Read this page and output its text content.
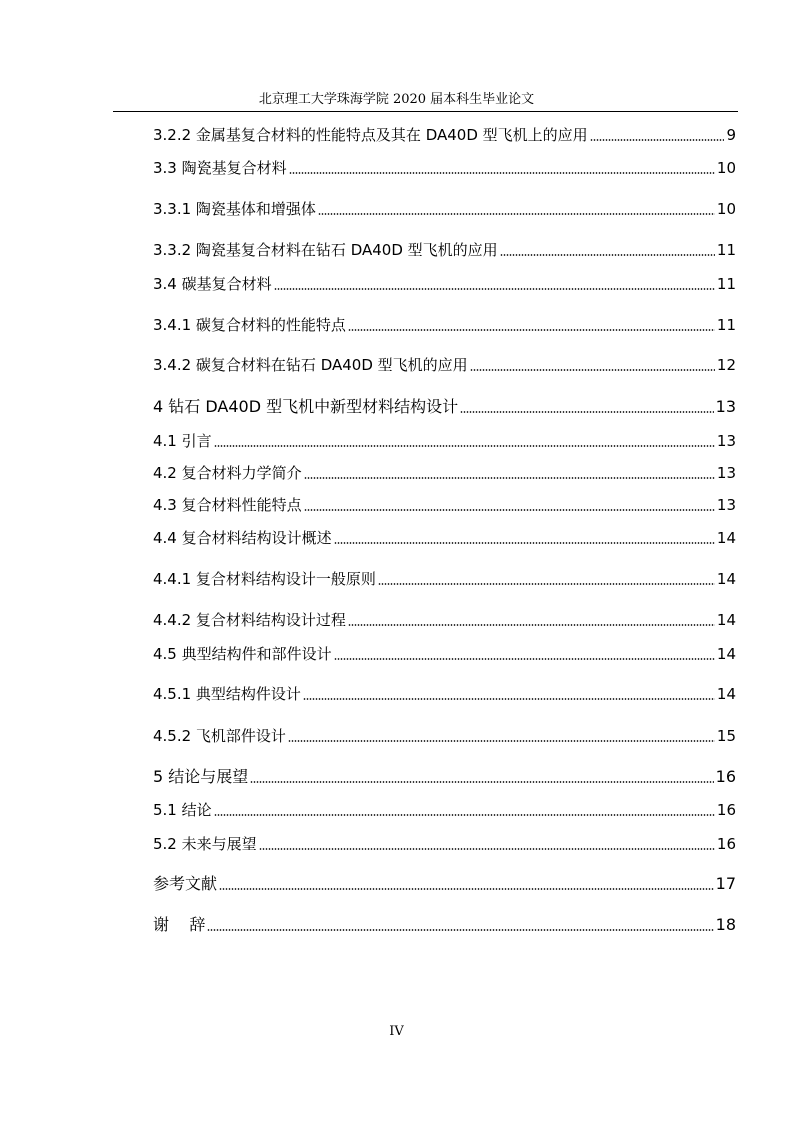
北京理工大学珠海学院 2020 届本科生毕业论文
3.2.2 金属基复合材料的性能特点及其在 DA40D 型飞机上的应用	9
3.3 陶瓷基复合材料	10
3.3.1 陶瓷基体和增强体	10
3.3.2 陶瓷基复合材料在钻石 DA40D 型飞机的应用	11
3.4 碳基复合材料	11
3.4.1 碳复合材料的性能特点	11
3.4.2 碳复合材料在钻石 DA40D 型飞机的应用	12
4 钻石 DA40D 型飞机中新型材料结构设计	13
4.1 引言	13
4.2 复合材料力学简介	13
4.3 复合材料性能特点	13
4.4 复合材料结构设计概述	14
4.4.1 复合材料结构设计一般原则	14
4.4.2 复合材料结构设计过程	14
4.5 典型结构件和部件设计	14
4.5.1 典型结构件设计	14
4.5.2 飞机部件设计	15
5 结论与展望	16
5.1 结论	16
5.2 未来与展望	16
参考文献	17
谢    辞	18
IV
